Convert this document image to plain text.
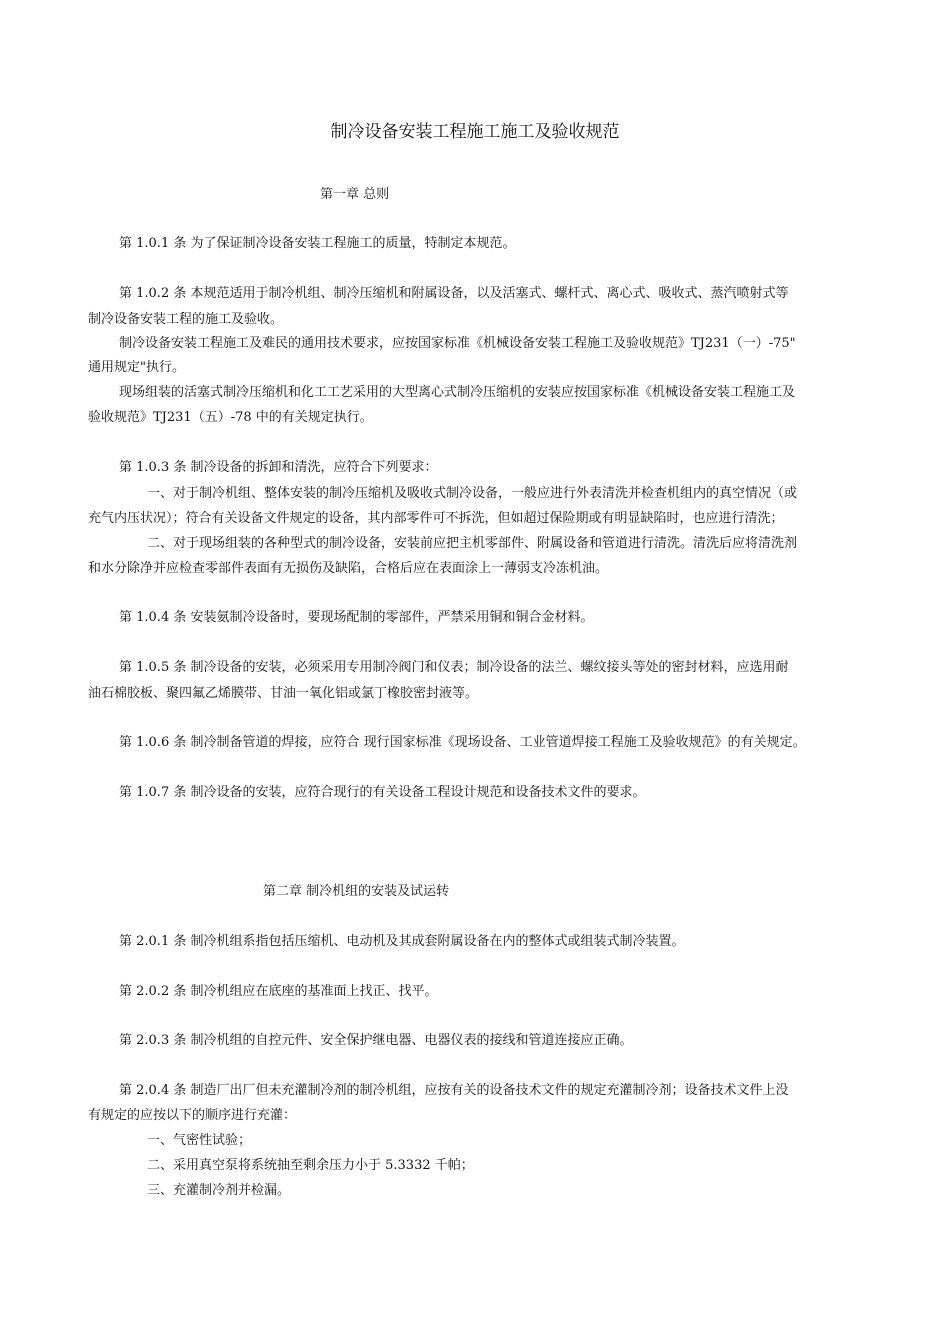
制冷设备安装工程施工施工及验收规范

第一章 总则

第 1.0.1 条 为了保证制冷设备安装工程施工的质量，特制定本规范。

第 1.0.2 条 本规范适用于制冷机组、制冷压缩机和附属设备，以及活塞式、螺杆式、离心式、吸收式、蒸汽喷射式等

制冷设备安装工程的施工及验收。

制冷设备安装工程施工及难民的通用技术要求，应按国家标准《机械设备安装工程施工及验收规范》TJ231（一）-75"

通用规定"执行。

现场组装的活塞式制冷压缩机和化工工艺采用的大型离心式制冷压缩机的安装应按国家标准《机械设备安装工程施工及

验收规范》TJ231（五）-78 中的有关规定执行。

第 1.0.3 条 制冷设备的拆卸和清洗，应符合下列要求：

一、对于制冷机组、整体安装的制冷压缩机及吸收式制冷设备，一般应进行外表清洗并检查机组内的真空情况（或

充气内压状况）；符合有关设备文件规定的设备，其内部零件可不拆洗，但如超过保险期或有明显缺陷时，也应进行清洗；

二、对于现场组装的各种型式的制冷设备，安装前应把主机零部件、附属设备和管道进行清洗。清洗后应将清洗剂

和水分除净并应检查零部件表面有无损伤及缺陷，合格后应在表面涂上一薄弱支冷冻机油。

第 1.0.4 条 安装氨制冷设备时，要现场配制的零部件，严禁采用铜和铜合金材料。

第 1.0.5 条 制冷设备的安装，必须采用专用制冷阀门和仪表；制冷设备的法兰、螺纹接头等处的密封材料，应选用耐

油石棉胶板、聚四氟乙烯膜带、甘油一氧化铝或氯丁橡胶密封液等。

第 1.0.6 条 制冷制备管道的焊接，应符合 现行国家标准《现场设备、工业管道焊接工程施工及验收规范》的有关规定。

第 1.0.7 条 制冷设备的安装，应符合现行的有关设备工程设计规范和设备技术文件的要求。

第二章 制冷机组的安装及试运转

第 2.0.1 条 制冷机组系指包括压缩机、电动机及其成套附属设备在内的整体式或组装式制冷装置。

第 2.0.2 条 制冷机组应在底座的基准面上找正、找平。

第 2.0.3 条 制冷机组的自控元件、安全保护继电器、电器仪表的接线和管道连接应正确。

第 2.0.4 条 制造厂出厂但未充灌制冷剂的制冷机组，应按有关的设备技术文件的规定充灌制冷剂；设备技术文件上没

有规定的应按以下的顺序进行充灌：

一、气密性试验；

二、采用真空泵将系统抽至剩余压力小于 5.3332 千帕；

三、充灌制冷剂并检漏。
